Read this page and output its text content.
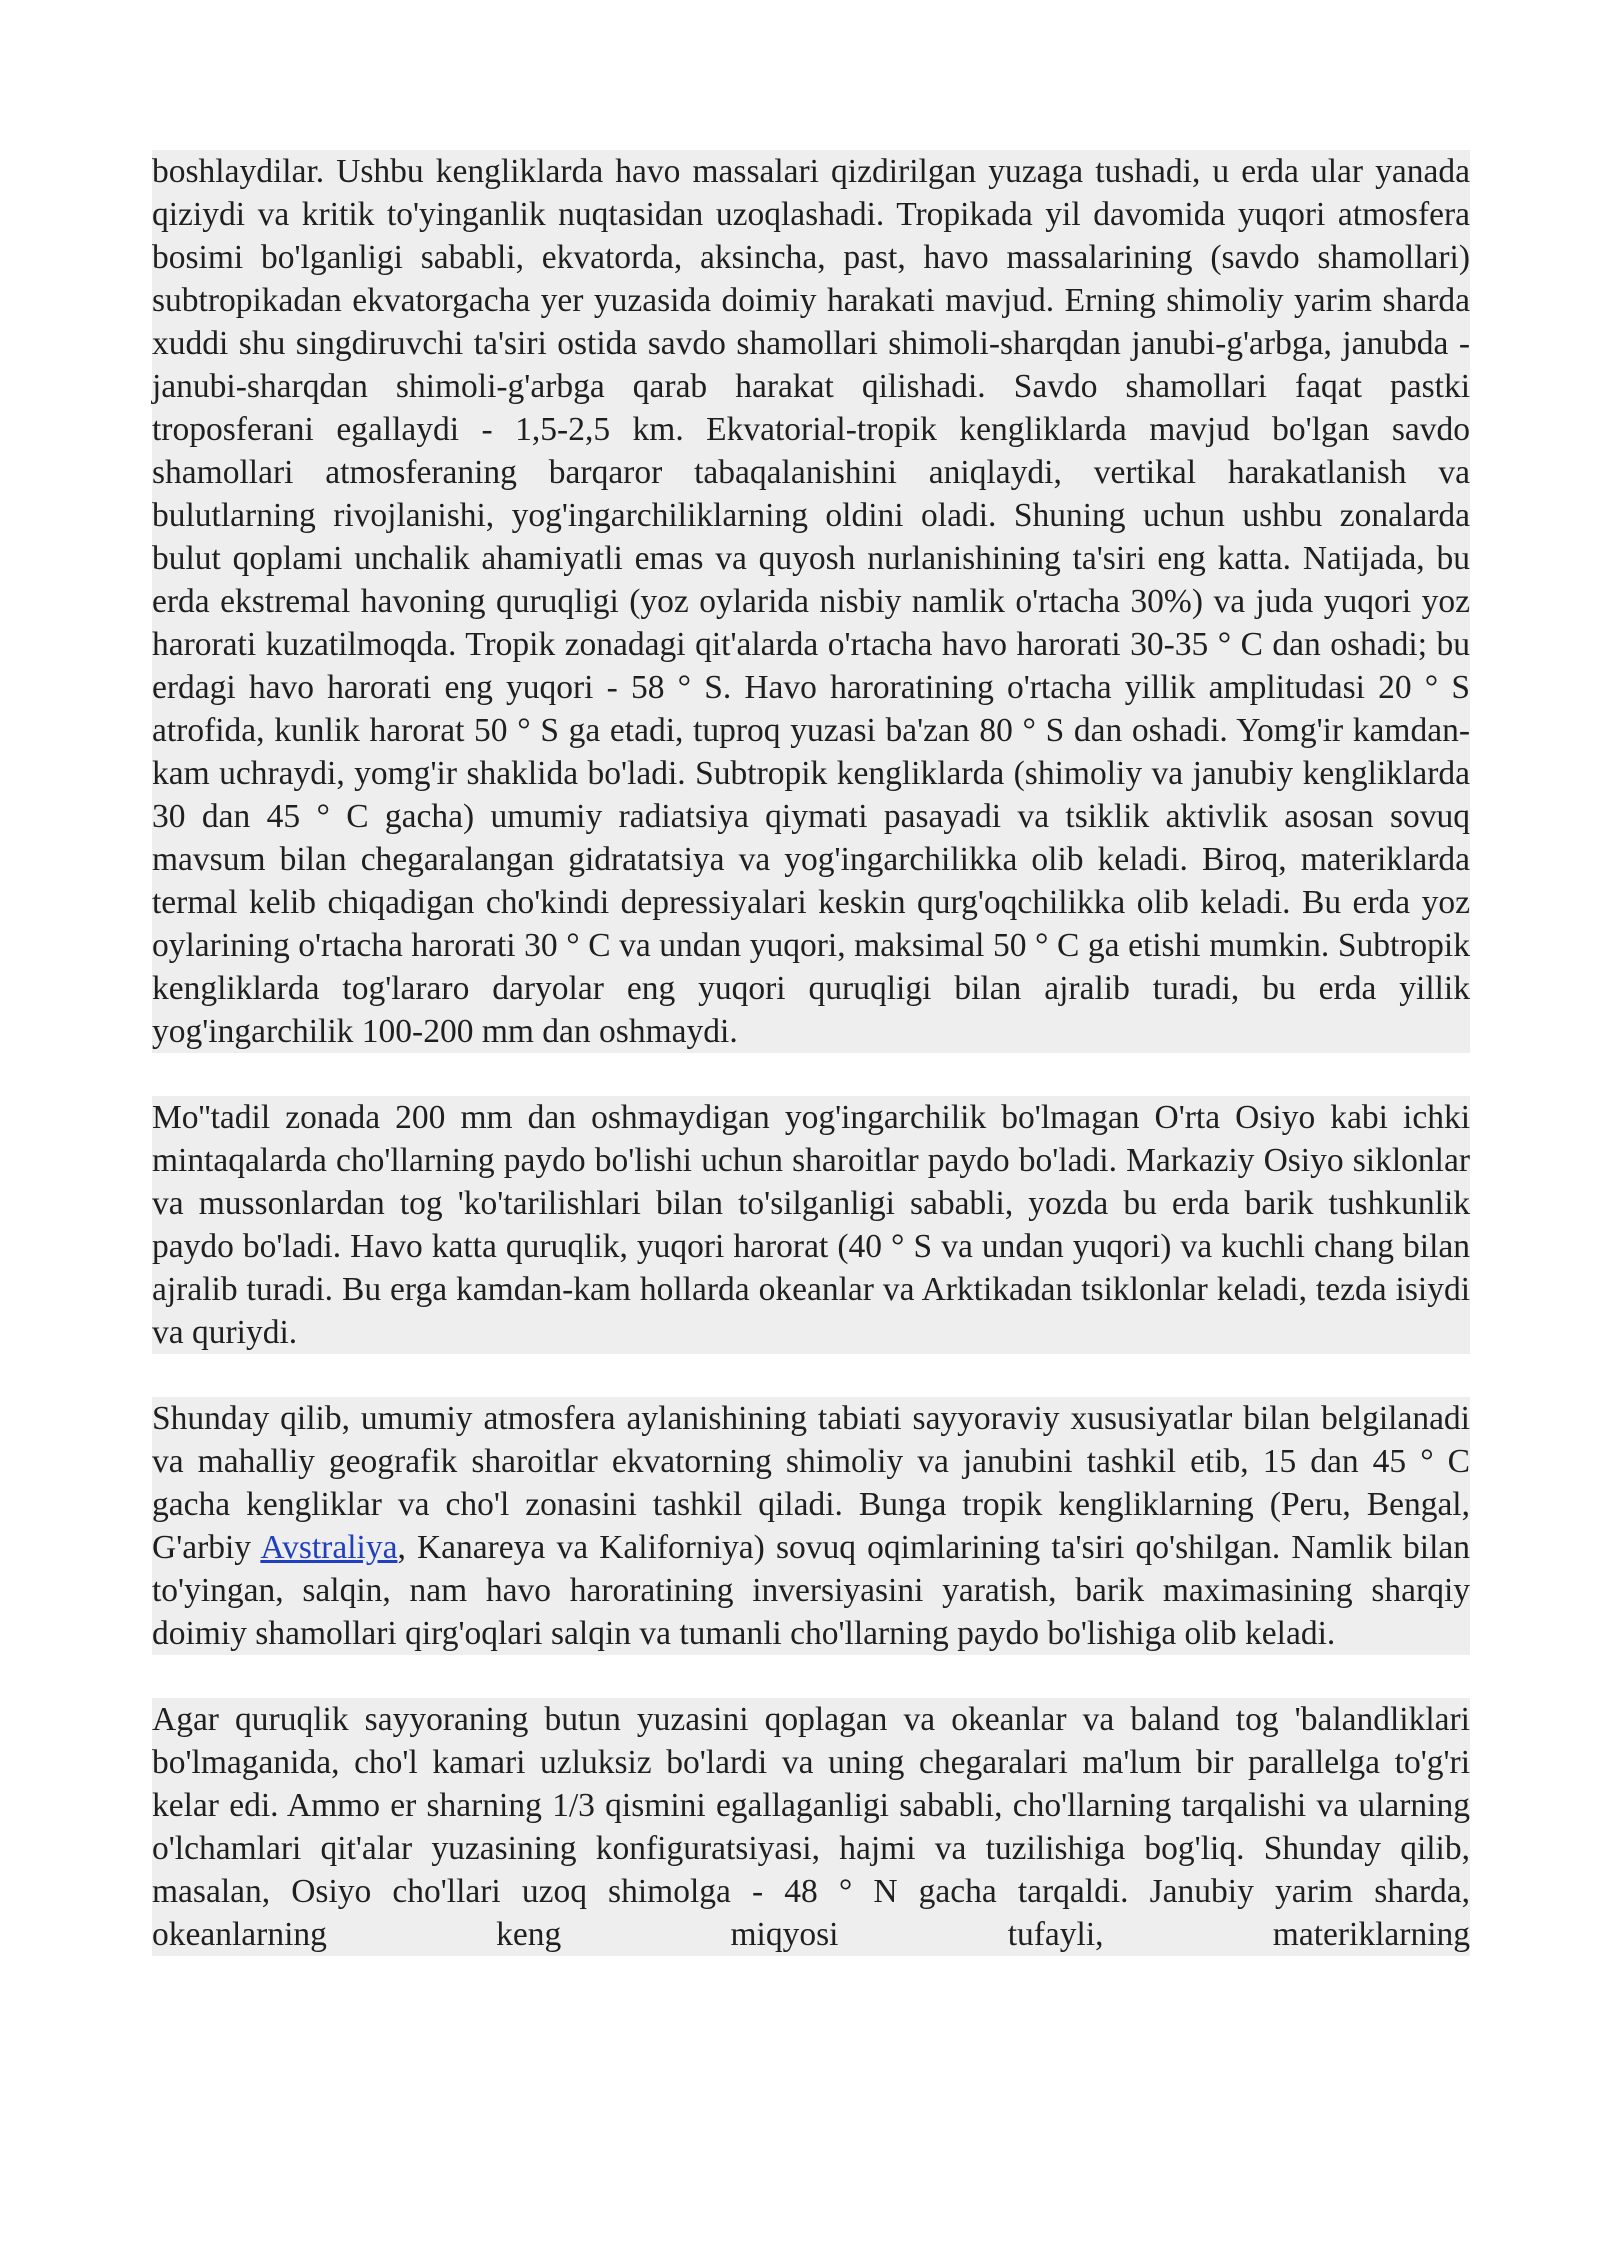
boshlaydilar. Ushbu kengliklarda havo massalari qizdirilgan yuzaga tushadi, u erda ular yanada qiziydi va kritik to'yinganlik nuqtasidan uzoqlashadi. Tropikada yil davomida yuqori atmosfera bosimi bo'lganligi sababli, ekvatorda, aksincha, past, havo massalarining (savdo shamollari) subtropikadan ekvatorgacha yer yuzasida doimiy harakati mavjud. Erning shimoliy yarim sharda xuddi shu singdiruvchi ta'siri ostida savdo shamollari shimoli-sharqdan janubi-g'arbga, janubda - janubi-sharqdan shimoli-g'arbga qarab harakat qilishadi. Savdo shamollari faqat pastki troposferani egallaydi - 1,5-2,5 km. Ekvatorial-tropik kengliklarda mavjud bo'lgan savdo shamollari atmosferaning barqaror tabaqalanishini aniqlaydi, vertikal harakatlanish va bulutlarning rivojlanishi, yog'ingarchiliklarning oldini oladi. Shuning uchun ushbu zonalarda bulut qoplami unchalik ahamiyatli emas va quyosh nurlanishining ta'siri eng katta. Natijada, bu erda ekstremal havoning quruqligi (yoz oylarida nisbiy namlik o'rtacha 30%) va juda yuqori yoz harorati kuzatilmoqda. Tropik zonadagi qit'alarda o'rtacha havo harorati 30-35 ° C dan oshadi; bu erdagi havo harorati eng yuqori - 58 ° S. Havo haroratining o'rtacha yillik amplitudasi 20 ° S atrofida, kunlik harorat 50 ° S ga etadi, tuproq yuzasi ba'zan 80 ° S dan oshadi. Yomg'ir kamdan-kam uchraydi, yomg'ir shaklida bo'ladi. Subtropik kengliklarda (shimoliy va janubiy kengliklarda 30 dan 45 ° C gacha) umumiy radiatsiya qiymati pasayadi va tsiklik aktivlik asosan sovuq mavsum bilan chegaralangan gidratatsiya va yog'ingarchilikka olib keladi. Biroq, materiklarda termal kelib chiqadigan cho'kindi depressiyalari keskin qurg'oqchilikka olib keladi. Bu erda yoz oylarining o'rtacha harorati 30 ° C va undan yuqori, maksimal 50 ° C ga etishi mumkin. Subtropik kengliklarda tog'lararo daryolar eng yuqori quruqligi bilan ajralib turadi, bu erda yillik yog'ingarchilik 100-200 mm dan oshmaydi.

Mo''tadil zonada 200 mm dan oshmaydigan yog'ingarchilik bo'lmagan O'rta Osiyo kabi ichki mintaqalarda cho'llarning paydo bo'lishi uchun sharoitlar paydo bo'ladi. Markaziy Osiyo siklonlar va mussonlardan tog 'ko'tarilishlari bilan to'silganligi sababli, yozda bu erda barik tushkunlik paydo bo'ladi. Havo katta quruqlik, yuqori harorat (40 ° S va undan yuqori) va kuchli chang bilan ajralib turadi. Bu erga kamdan-kam hollarda okeanlar va Arktikadan tsiklonlar keladi, tezda isiydi va quriydi.

Shunday qilib, umumiy atmosfera aylanishining tabiati sayyoraviy xususiyatlar bilan belgilanadi va mahalliy geografik sharoitlar ekvatorning shimoliy va janubini tashkil etib, 15 dan 45 ° C gacha kengliklar va cho'l zonasini tashkil qiladi. Bunga tropik kengliklarning (Peru, Bengal, G'arbiy Avstraliya, Kanareya va Kaliforniya) sovuq oqimlarining ta'siri qo'shilgan. Namlik bilan to'yingan, salqin, nam havo haroratining inversiyasini yaratish, barik maximasining sharqiy doimiy shamollari qirg'oqlari salqin va tumanli cho'llarning paydo bo'lishiga olib keladi.

Agar quruqlik sayyoraning butun yuzasini qoplagan va okeanlar va baland tog 'balandliklari bo'lmaganida, cho'l kamari uzluksiz bo'lardi va uning chegaralari ma'lum bir parallelga to'g'ri kelar edi. Ammo er sharning 1/3 qismini egallaganligi sababli, cho'llarning tarqalishi va ularning o'lchamlari qit'alar yuzasining konfiguratsiyasi, hajmi va tuzilishiga bog'liq. Shunday qilib, masalan, Osiyo cho'llari uzoq shimolga - 48 ° N gacha tarqaldi. Janubiy yarim sharda, okeanlarning keng miqyosi tufayli, materiklarning
